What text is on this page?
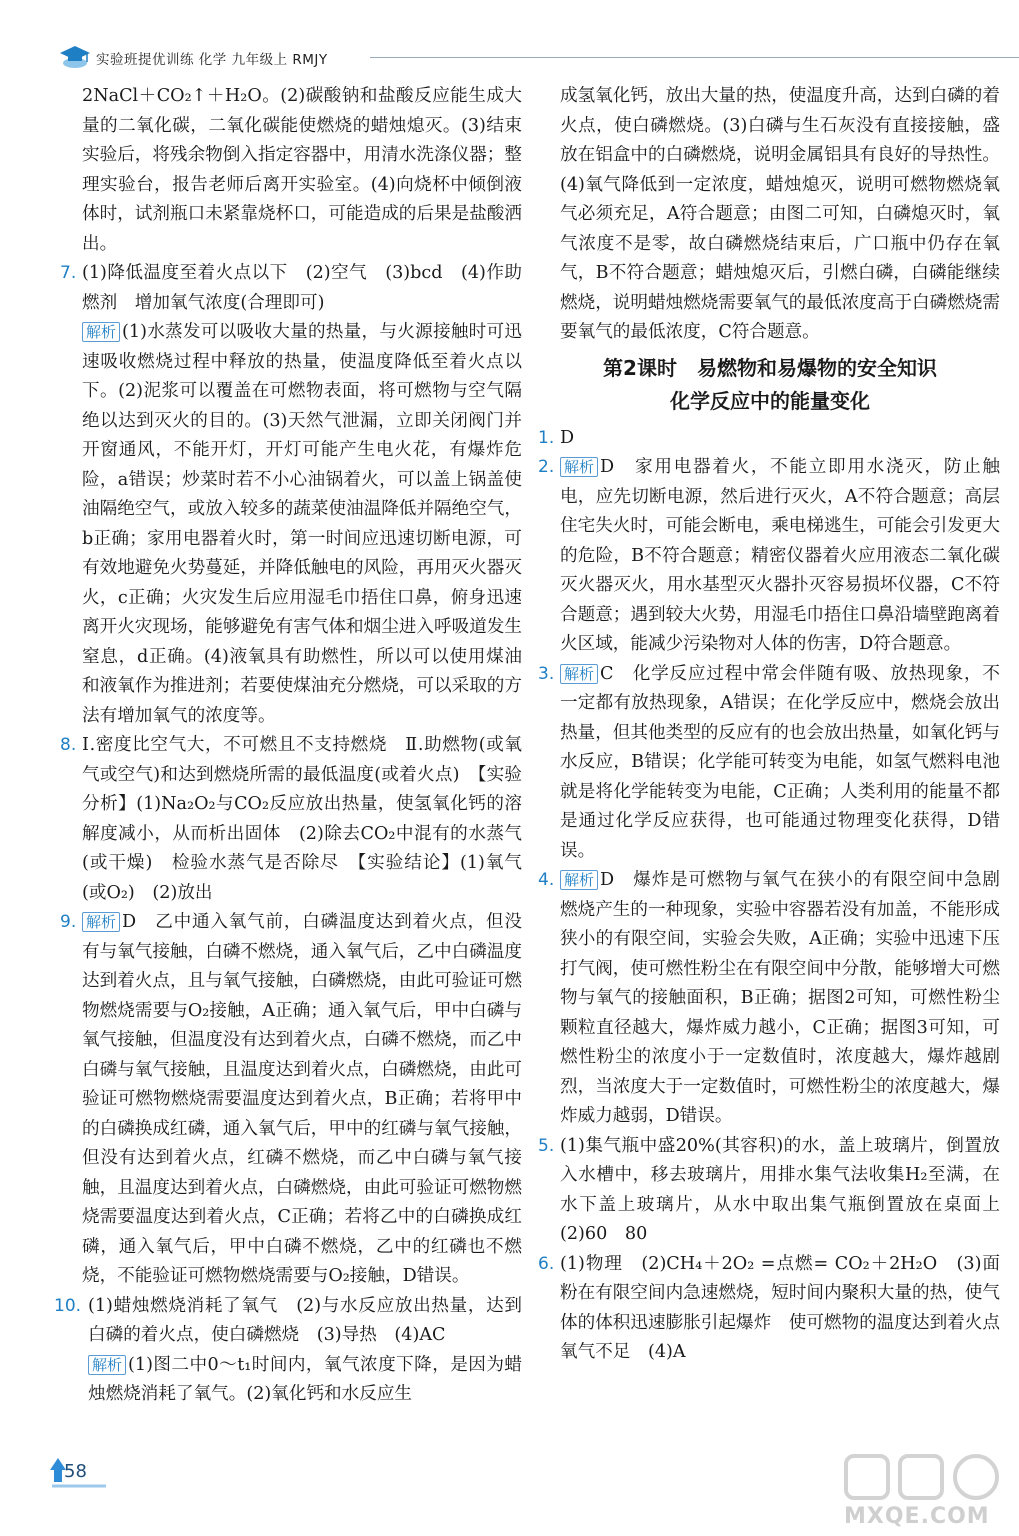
实验班提优训练 化学 九年级上 RMJY

2NaCl＋CO₂↑＋H₂O。(2)碳酸钠和盐酸反应能生成大量的二氧化碳，二氧化碳能使燃烧的蜡烛熄灭。(3)结束实验后，将残余物倒入指定容器中，用清水洗涤仪器；整理实验台，报告老师后离开实验室。(4)向烧杯中倾倒液体时，试剂瓶口未紧靠烧杯口，可能造成的后果是盐酸洒出。

7. (1)降低温度至着火点以下　(2)空气　(3)bcd　(4)作助燃剂　增加氧气浓度(合理即可)

解析 (1)水蒸发可以吸收大量的热量，与火源接触时可迅速吸收燃烧过程中释放的热量，使温度降低至着火点以下。(2)泥浆可以覆盖在可燃物表面，将可燃物与空气隔绝以达到灭火的目的。(3)天然气泄漏，立即关闭阀门并开窗通风，不能开灯，开灯可能产生电火花，有爆炸危险，a错误；炒菜时若不小心油锅着火，可以盖上锅盖使油隔绝空气，或放入较多的蔬菜使油温降低并隔绝空气，b正确；家用电器着火时，第一时间应迅速切断电源，可有效地避免火势蔓延，并降低触电的风险，再用灭火器灭火，c正确；火灾发生后应用湿毛巾捂住口鼻，俯身迅速离开火灾现场，能够避免有害气体和烟尘进入呼吸道发生窒息，d正确。(4)液氧具有助燃性，所以可以使用煤油和液氧作为推进剂；若要使煤油充分燃烧，可以采取的方法有增加氧气的浓度等。

8. Ⅰ.密度比空气大，不可燃且不支持燃烧　Ⅱ.助燃物(或氧气或空气)和达到燃烧所需的最低温度(或着火点)　【实验分析】(1)Na₂O₂与CO₂反应放出热量，使氢氧化钙的溶解度减小，从而析出固体　(2)除去CO₂中混有的水蒸气(或干燥)　检验水蒸气是否除尽　【实验结论】(1)氧气(或O₂)　(2)放出

9. 解析 D　乙中通入氧气前，白磷温度达到着火点，但没有与氧气接触，白磷不燃烧，通入氧气后，乙中白磷温度达到着火点，且与氧气接触，白磷燃烧，由此可验证可燃物燃烧需要与O₂接触，A正确；通入氧气后，甲中白磷与氧气接触，但温度没有达到着火点，白磷不燃烧，而乙中白磷与氧气接触，且温度达到着火点，白磷燃烧，由此可验证可燃物燃烧需要温度达到着火点，B正确；若将甲中的白磷换成红磷，通入氧气后，甲中的红磷与氧气接触，但没有达到着火点，红磷不燃烧，而乙中白磷与氧气接触，且温度达到着火点，白磷燃烧，由此可验证可燃物燃烧需要温度达到着火点，C正确；若将乙中的白磷换成红磷，通入氧气后，甲中白磷不燃烧，乙中的红磷也不燃烧，不能验证可燃物燃烧需要与O₂接触，D错误。

10. (1)蜡烛燃烧消耗了氧气　(2)与水反应放出热量，达到白磷的着火点，使白磷燃烧　(3)导热　(4)AC

解析 (1)图二中0～t₁时间内，氧气浓度下降，是因为蜡烛燃烧消耗了氧气。(2)氧化钙和水反应生

成氢氧化钙，放出大量的热，使温度升高，达到白磷的着火点，使白磷燃烧。(3)白磷与生石灰没有直接接触，盛放在铝盒中的白磷燃烧，说明金属铝具有良好的导热性。(4)氧气降低到一定浓度，蜡烛熄灭，说明可燃物燃烧氧气必须充足，A符合题意；由图二可知，白磷熄灭时，氧气浓度不是零，故白磷燃烧结束后，广口瓶中仍存在氧气，B不符合题意；蜡烛熄灭后，引燃白磷，白磷能继续燃烧，说明蜡烛燃烧需要氧气的最低浓度高于白磷燃烧需要氧气的最低浓度，C符合题意。

第2课时　易燃物和易爆物的安全知识
化学反应中的能量变化

1. D

2. 解析 D　家用电器着火，不能立即用水浇灭，防止触电，应先切断电源，然后进行灭火，A不符合题意；高层住宅失火时，可能会断电，乘电梯逃生，可能会引发更大的危险，B不符合题意；精密仪器着火应用液态二氧化碳灭火器灭火，用水基型灭火器扑灭容易损坏仪器，C不符合题意；遇到较大火势，用湿毛巾捂住口鼻沿墙壁跑离着火区域，能减少污染物对人体的伤害，D符合题意。

3. 解析 C　化学反应过程中常会伴随有吸、放热现象，不一定都有放热现象，A错误；在化学反应中，燃烧会放出热量，但其他类型的反应有的也会放出热量，如氧化钙与水反应，B错误；化学能可转变为电能，如氢气燃料电池就是将化学能转变为电能，C正确；人类利用的能量不都是通过化学反应获得，也可能通过物理变化获得，D错误。

4. 解析 D　爆炸是可燃物与氧气在狭小的有限空间中急剧燃烧产生的一种现象，实验中容器若没有加盖，不能形成狭小的有限空间，实验会失败，A正确；实验中迅速下压打气阀，使可燃性粉尘在有限空间中分散，能够增大可燃物与氧气的接触面积，B正确；据图2可知，可燃性粉尘颗粒直径越大，爆炸威力越小，C正确；据图3可知，可燃性粉尘的浓度小于一定数值时，浓度越大，爆炸越剧烈，当浓度大于一定数值时，可燃性粉尘的浓度越大，爆炸威力越弱，D错误。

5. (1)集气瓶中盛20%(其容积)的水，盖上玻璃片，倒置放入水槽中，移去玻璃片，用排水集气法收集H₂至满，在水下盖上玻璃片，从水中取出集气瓶倒置放在桌面上　(2)60　80

6. (1)物理　(2)CH₄＋2O₂ =点燃= CO₂＋2H₂O　(3)面粉在有限空间内急速燃烧，短时间内聚积大量的热，使气体的体积迅速膨胀引起爆炸　使可燃物的温度达到着火点　氧气不足　(4)A

58
MXQE.COM
